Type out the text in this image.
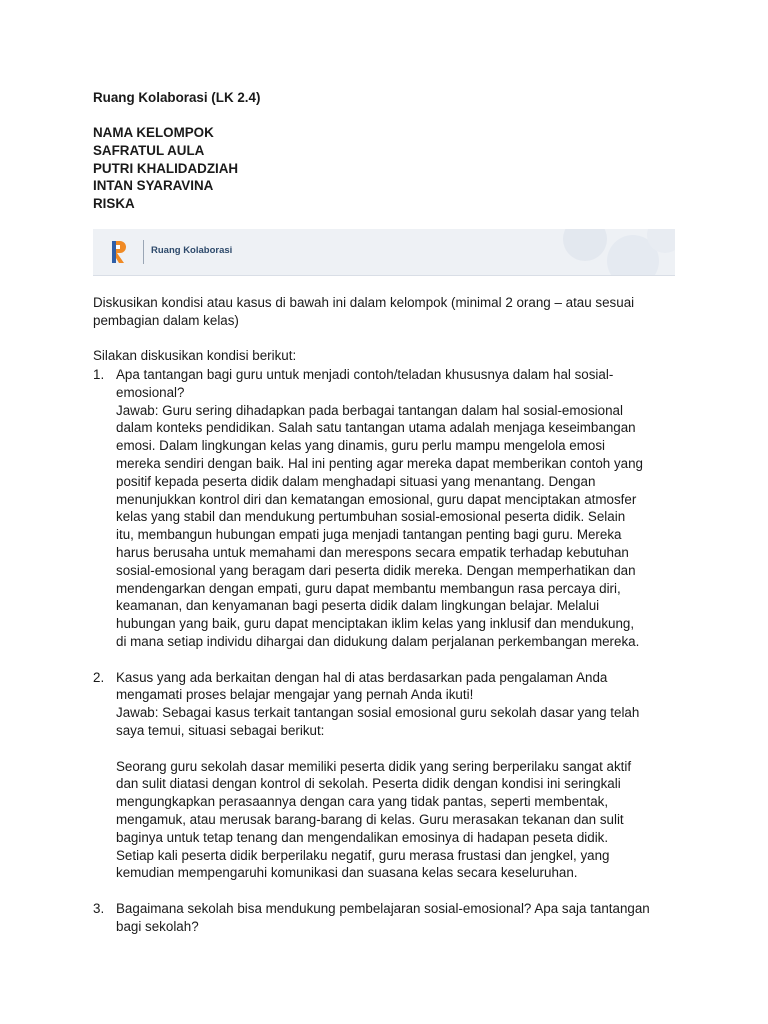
Ruang Kolaborasi (LK 2.4)
NAMA KELOMPOK
SAFRATUL AULA
PUTRI KHALIDADZIAH
INTAN SYARAVINA
RISKA
Ruang Kolaborasi
Diskusikan kondisi atau kasus di bawah ini dalam kelompok (minimal 2 orang – atau sesuai
pembagian dalam kelas)
Silakan diskusikan kondisi berikut:
1. Apa tantangan bagi guru untuk menjadi contoh/teladan khususnya dalam hal sosial-
emosional?
Jawab: Guru sering dihadapkan pada berbagai tantangan dalam hal sosial-emosional
dalam konteks pendidikan. Salah satu tantangan utama adalah menjaga keseimbangan
emosi. Dalam lingkungan kelas yang dinamis, guru perlu mampu mengelola emosi
mereka sendiri dengan baik. Hal ini penting agar mereka dapat memberikan contoh yang
positif kepada peserta didik dalam menghadapi situasi yang menantang. Dengan
menunjukkan kontrol diri dan kematangan emosional, guru dapat menciptakan atmosfer
kelas yang stabil dan mendukung pertumbuhan sosial-emosional peserta didik. Selain
itu, membangun hubungan empati juga menjadi tantangan penting bagi guru. Mereka
harus berusaha untuk memahami dan merespons secara empatik terhadap kebutuhan
sosial-emosional yang beragam dari peserta didik mereka. Dengan memperhatikan dan
mendengarkan dengan empati, guru dapat membantu membangun rasa percaya diri,
keamanan, dan kenyamanan bagi peserta didik dalam lingkungan belajar. Melalui
hubungan yang baik, guru dapat menciptakan iklim kelas yang inklusif dan mendukung,
di mana setiap individu dihargai dan didukung dalam perjalanan perkembangan mereka.
2. Kasus yang ada berkaitan dengan hal di atas berdasarkan pada pengalaman Anda
mengamati proses belajar mengajar yang pernah Anda ikuti!
Jawab: Sebagai kasus terkait tantangan sosial emosional guru sekolah dasar yang telah
saya temui, situasi sebagai berikut:
Seorang guru sekolah dasar memiliki peserta didik yang sering berperilaku sangat aktif
dan sulit diatasi dengan kontrol di sekolah. Peserta didik dengan kondisi ini seringkali
mengungkapkan perasaannya dengan cara yang tidak pantas, seperti membentak,
mengamuk, atau merusak barang-barang di kelas. Guru merasakan tekanan dan sulit
baginya untuk tetap tenang dan mengendalikan emosinya di hadapan peseta didik.
Setiap kali peserta didik berperilaku negatif, guru merasa frustasi dan jengkel, yang
kemudian mempengaruhi komunikasi dan suasana kelas secara keseluruhan.
3. Bagaimana sekolah bisa mendukung pembelajaran sosial-emosional? Apa saja tantangan
bagi sekolah?
